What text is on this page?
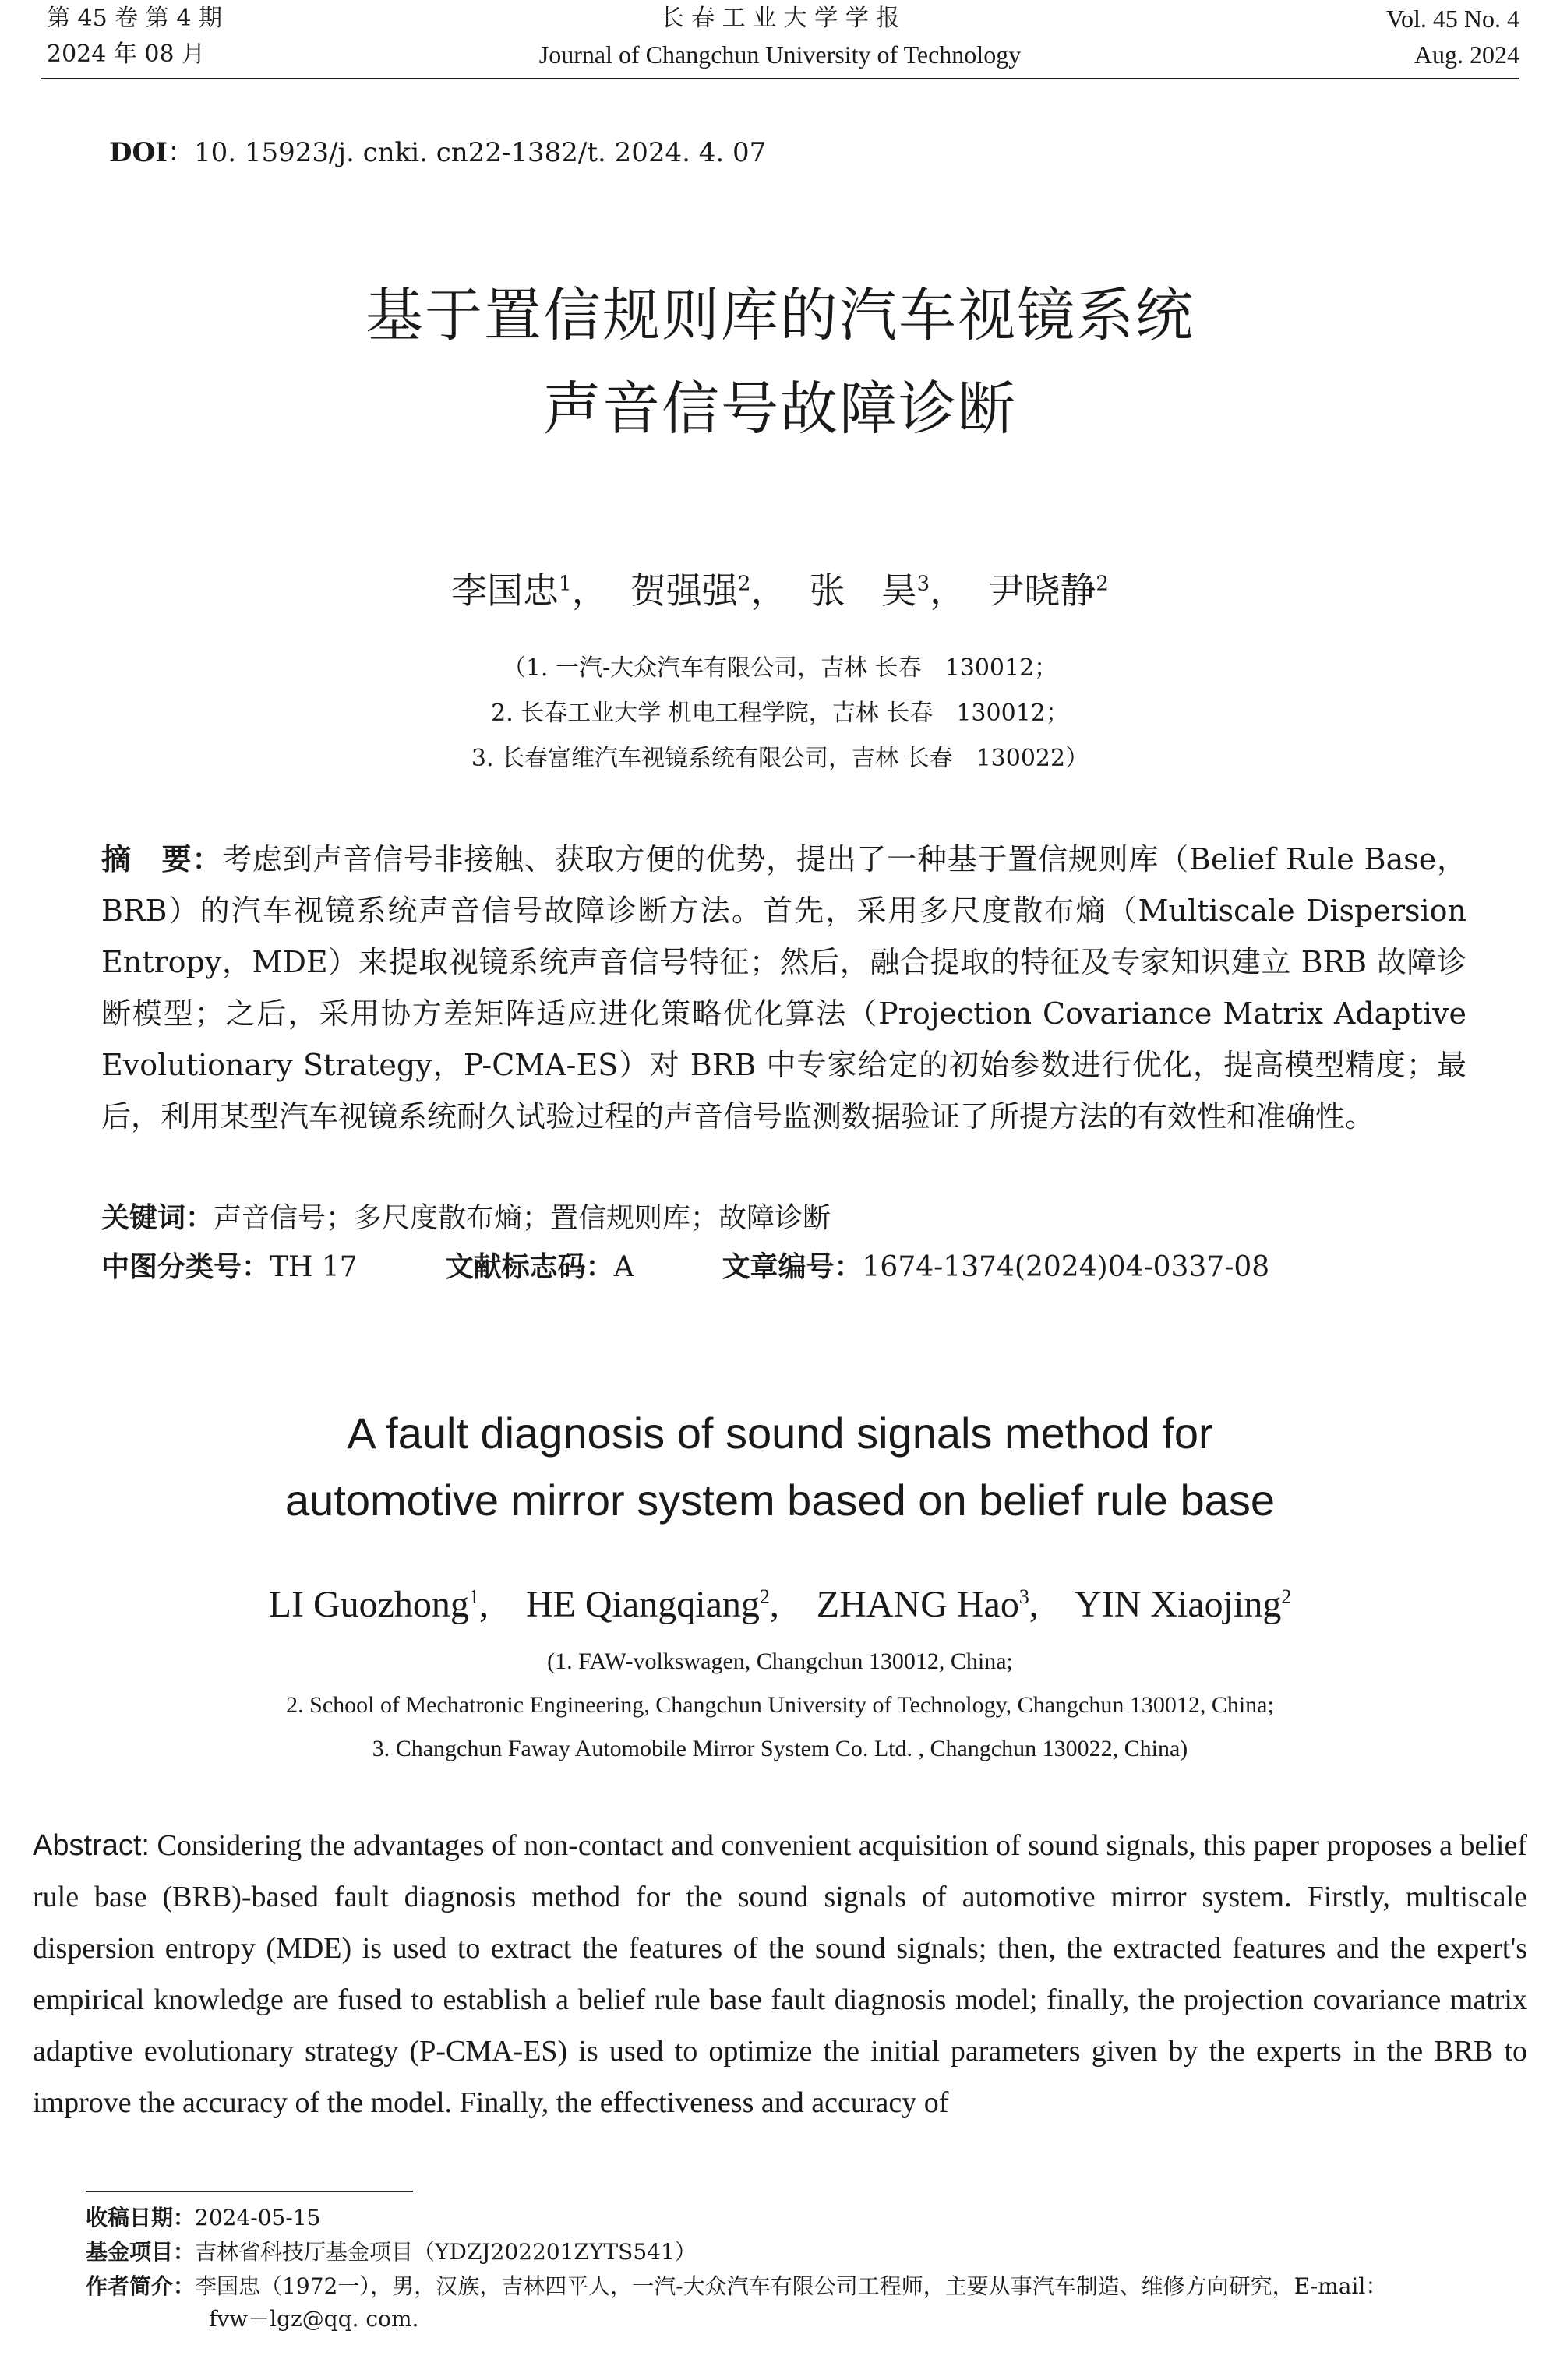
第 45 卷 第 4 期
2024 年 08 月
长 春 工 业 大 学 学 报
Journal of Changchun University of Technology
Vol. 45 No. 4
Aug. 2024
DOI：10. 15923/j. cnki. cn22-1382/t. 2024. 4. 07
基于置信规则库的汽车视镜系统
声音信号故障诊断
李国忠$^1$，  贺强强$^2$，  张　昊$^3$，  尹晓静$^2$
（1. 一汽-大众汽车有限公司，吉林 长春　130012；
2. 长春工业大学 机电工程学院，吉林 长春　130012；
3. 长春富维汽车视镜系统有限公司，吉林 长春　130022）
摘　要：考虑到声音信号非接触、获取方便的优势，提出了一种基于置信规则库（Belief Rule Base，BRB）的汽车视镜系统声音信号故障诊断方法。首先，采用多尺度散布熵（Multiscale Dispersion Entropy，MDE）来提取视镜系统声音信号特征；然后，融合提取的特征及专家知识建立 BRB 故障诊断模型；之后，采用协方差矩阵适应进化策略优化算法（Projection Covariance Matrix Adaptive Evolutionary Strategy，P-CMA-ES）对 BRB 中专家给定的初始参数进行优化，提高模型精度；最后，利用某型汽车视镜系统耐久试验过程的声音信号监测数据验证了所提方法的有效性和准确性。
关键词：声音信号；多尺度散布熵；置信规则库；故障诊断
中图分类号：TH 17	文献标志码：A	文章编号：1674-1374(2024)04-0337-08
A fault diagnosis of sound signals method for
automotive mirror system based on belief rule base
LI Guozhong$^1$,    HE Qiangqiang$^2$,    ZHANG Hao$^3$,    YIN Xiaojing$^2$
(1. FAW-volkswagen, Changchun 130012, China;
2. School of Mechatronic Engineering, Changchun University of Technology, Changchun 130012, China;
3. Changchun Faway Automobile Mirror System Co. Ltd. , Changchun 130022, China)
Abstract: Considering the advantages of non-contact and convenient acquisition of sound signals, this paper proposes a belief rule base (BRB)-based fault diagnosis method for the sound signals of automotive mirror system. Firstly, multiscale dispersion entropy (MDE) is used to extract the features of the sound signals; then, the extracted features and the expert's empirical knowledge are fused to establish a belief rule base fault diagnosis model; finally, the projection covariance matrix adaptive evolutionary strategy (P-CMA-ES) is used to optimize the initial parameters given by the experts in the BRB to improve the accuracy of the model. Finally, the effectiveness and accuracy of
收稿日期：2024-05-15
基金项目：吉林省科技厅基金项目（YDZJ202201ZYTS541）
作者简介：李国忠（1972一），男，汉族，吉林四平人，一汽-大众汽车有限公司工程师，主要从事汽车制造、维修方向研究，E-mail：
fvw－lgz@qq. com.
